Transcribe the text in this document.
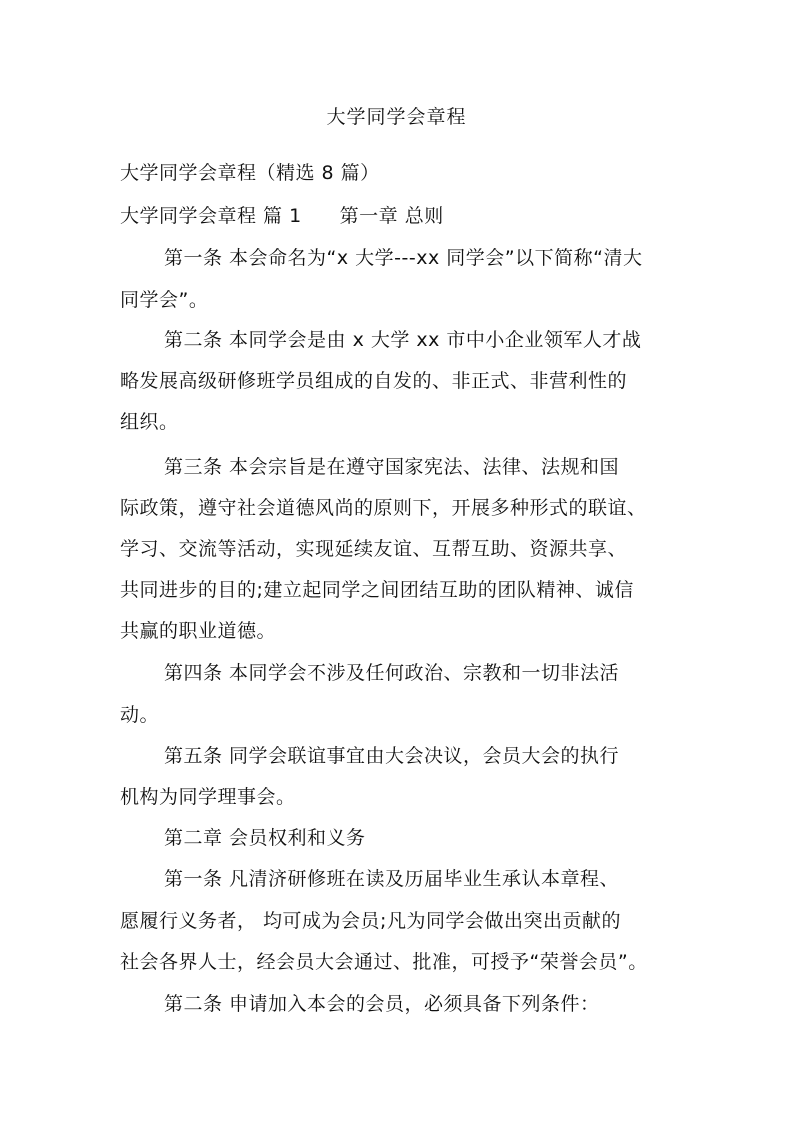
大学同学会章程
大学同学会章程（精选 8 篇）
大学同学会章程 篇 1 第一章 总则
第一条 本会命名为“x 大学---xx 同学会”以下简称“清大
同学会”。
第二条 本同学会是由 x 大学 xx 市中小企业领军人才战
略发展高级研修班学员组成的自发的、非正式、非营利性的
组织。
第三条 本会宗旨是在遵守国家宪法、法律、法规和国
际政策，遵守社会道德风尚的原则下，开展多种形式的联谊、
学习、交流等活动，实现延续友谊、互帮互助、资源共享、
共同进步的目的;建立起同学之间团结互助的团队精神、诚信
共赢的职业道德。
第四条 本同学会不涉及任何政治、宗教和一切非法活
动。
第五条 同学会联谊事宜由大会决议，会员大会的执行
机构为同学理事会。
第二章 会员权利和义务
第一条 凡清济研修班在读及历届毕业生承认本章程、
愿履行义务者， 均可成为会员;凡为同学会做出突出贡献的
社会各界人士，经会员大会通过、批准，可授予“荣誉会员”。
第二条 申请加入本会的会员，必须具备下列条件：
